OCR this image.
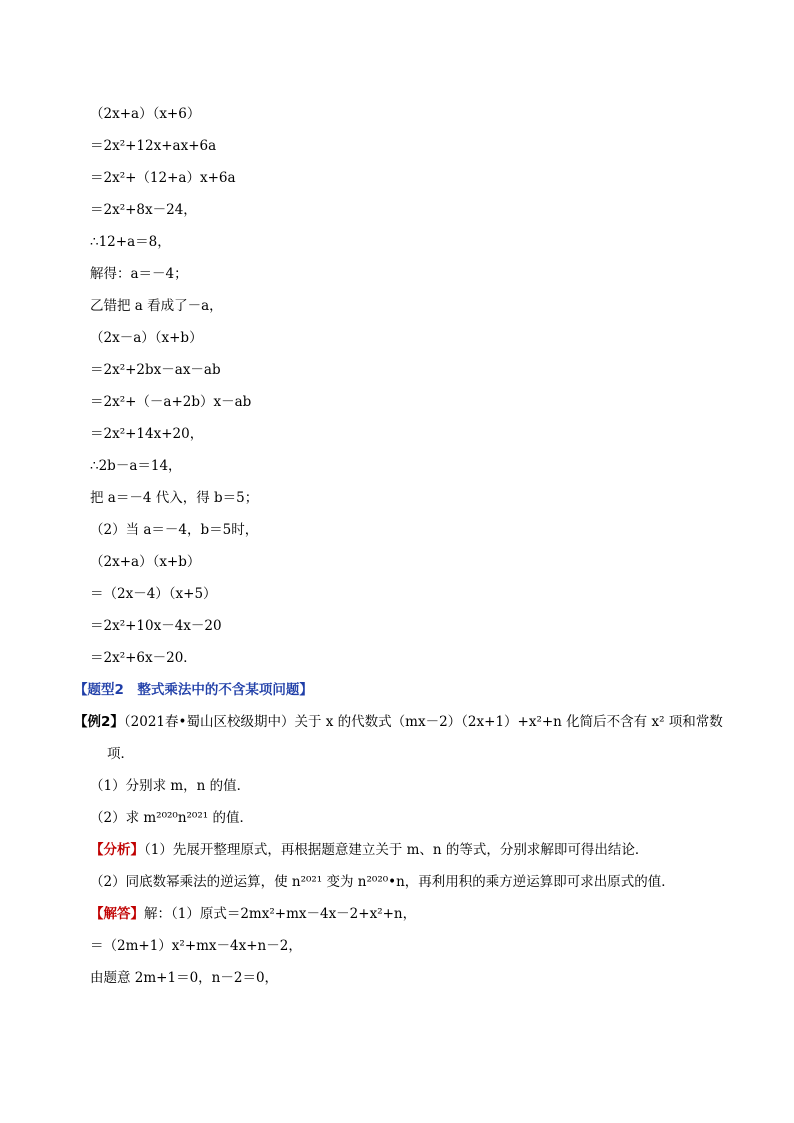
（2x+a）（x+6）
＝2x²+12x+ax+6a
＝2x²+（12+a）x+6a
＝2x²+8x－24，
∴12+a＝8，
解得：a＝－4；
乙错把 a 看成了－a，
（2x－a）（x+b）
＝2x²+2bx－ax－ab
＝2x²+（－a+2b）x－ab
＝2x²+14x+20，
∴2b－a＝14，
把 a＝－4 代入，得 b＝5；
（2）当 a＝－4，b＝5时，
（2x+a）（x+b）
＝（2x－4）（x+5）
＝2x²+10x－4x－20
＝2x²+6x－20．
【题型2　整式乘法中的不含某项问题】
【例2】（2021春•蜀山区校级期中）关于 x 的代数式（mx－2）（2x+1）+x²+n 化简后不含有 x² 项和常数
项．
（1）分别求 m，n 的值．
（2）求 m²⁰²⁰n²⁰²¹ 的值．
【分析】（1）先展开整理原式，再根据题意建立关于 m、n 的等式，分别求解即可得出结论．
（2）同底数幂乘法的逆运算，使 n²⁰²¹ 变为 n²⁰²⁰•n，再利用积的乘方逆运算即可求出原式的值．
【解答】解：（1）原式＝2mx²+mx－4x－2+x²+n，
＝（2m+1）x²+mx－4x+n－2，
由题意 2m+1＝0，n－2＝0，
